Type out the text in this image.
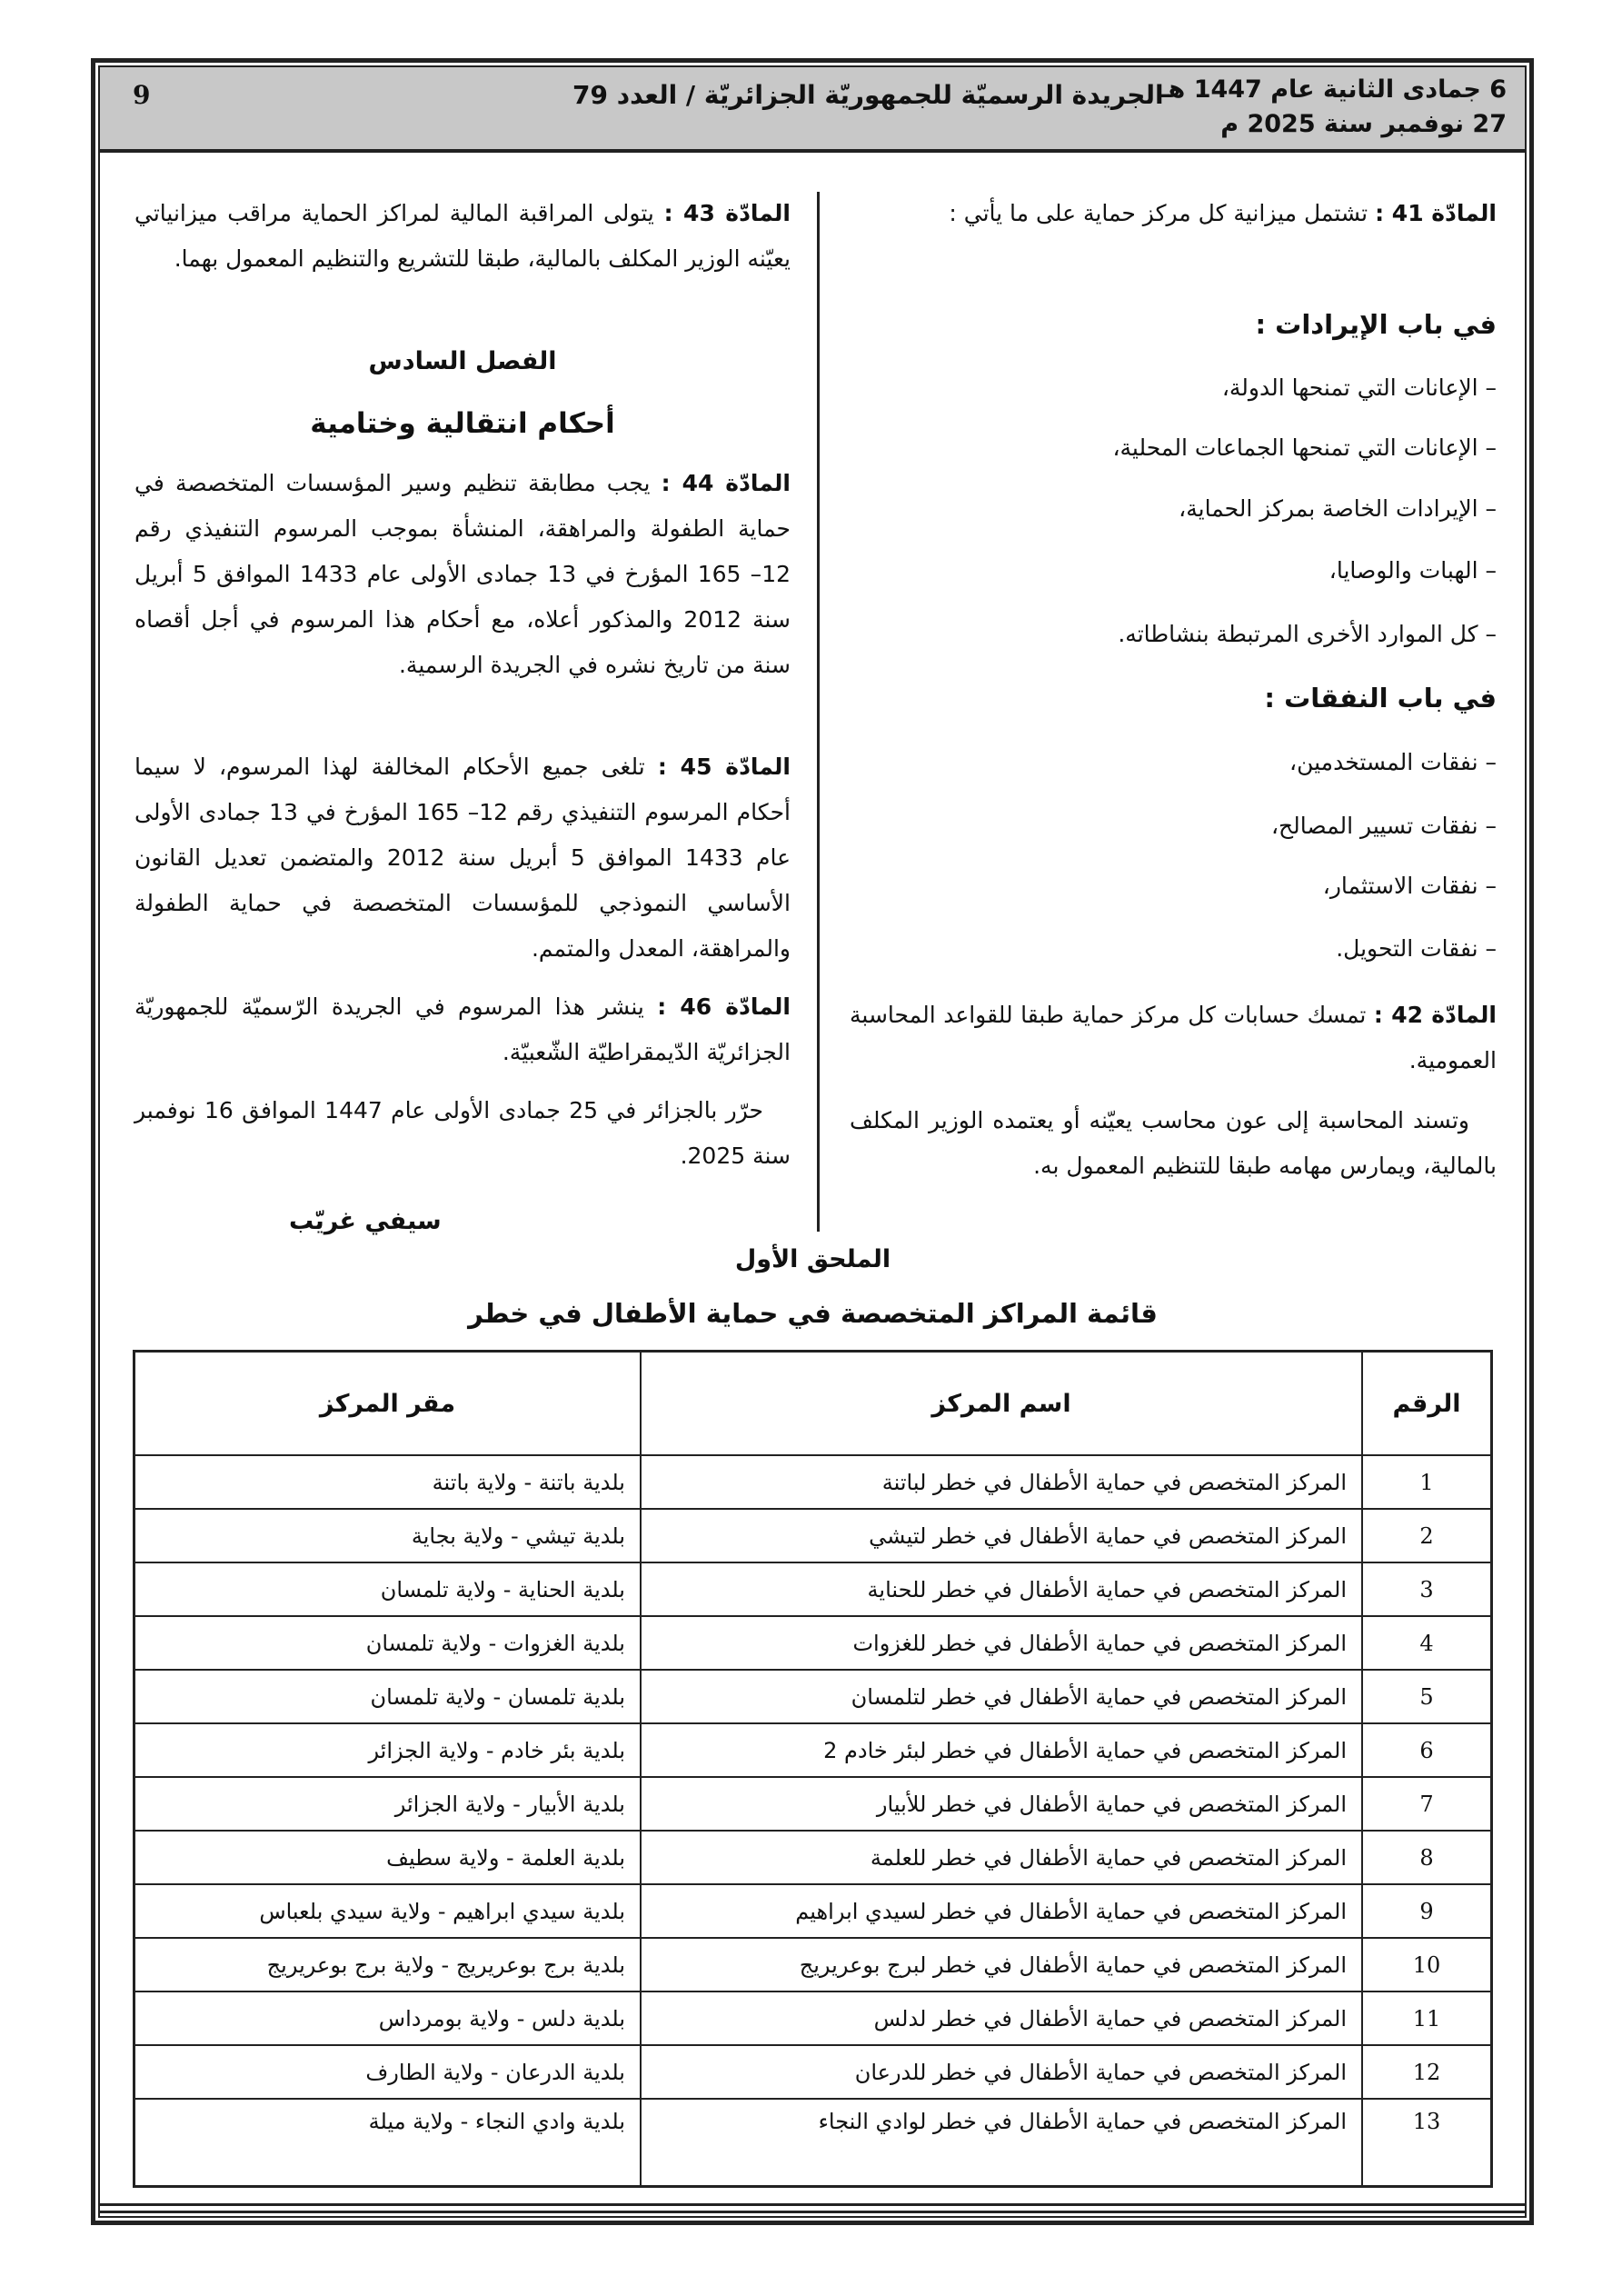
6 جمادى الثانية عام 1447 هـ
27 نوفمبر سنة 2025 م
الجريدة الرسميّة للجمهوريّة الجزائريّة / العدد 79
9
المادّة 41 : تشتمل ميزانية كل مركز حماية على ما يأتي :
في باب الإيرادات :
– الإعانات التي تمنحها الدولة،
– الإعانات التي تمنحها الجماعات المحلية،
– الإيرادات الخاصة بمركز الحماية،
– الهبات والوصايا،
– كل الموارد الأخرى المرتبطة بنشاطاته.
في باب النفقات :
– نفقات المستخدمين،
– نفقات تسيير المصالح،
– نفقات الاستثمار،
– نفقات التحويل.
المادّة 42 : تمسك حسابات كل مركز حماية طبقا للقواعد المحاسبة العمومية.
وتسند المحاسبة إلى عون محاسب يعيّنه أو يعتمده الوزير المكلف بالمالية، ويمارس مهامه طبقا للتنظيم المعمول به.
المادّة 43 : يتولى المراقبة المالية لمراكز الحماية مراقب ميزانياتي يعيّنه الوزير المكلف بالمالية، طبقا للتشريع والتنظيم المعمول بهما.
الفصل السادس
أحكام انتقالية وختامية
المادّة 44 : يجب مطابقة تنظيم وسير المؤسسات المتخصصة في حماية الطفولة والمراهقة، المنشأة بموجب المرسوم التنفيذي رقم 12– 165 المؤرخ في 13 جمادى الأولى عام 1433 الموافق 5 أبريل سنة 2012 والمذكور أعلاه، مع أحكام هذا المرسوم في أجل أقصاه سنة من تاريخ نشره في الجريدة الرسمية.
المادّة 45 : تلغى جميع الأحكام المخالفة لهذا المرسوم، لا سيما أحكام المرسوم التنفيذي رقم 12– 165 المؤرخ في 13 جمادى الأولى عام 1433 الموافق 5 أبريل سنة 2012 والمتضمن تعديل القانون الأساسي النموذجي للمؤسسات المتخصصة في حماية الطفولة والمراهقة، المعدل والمتمم.
المادّة 46 : ينشر هذا المرسوم في الجريدة الرّسميّة للجمهوريّة الجزائريّة الدّيمقراطيّة الشّعبيّة.
حرّر بالجزائر في 25 جمادى الأولى عام 1447 الموافق 16 نوفمبر سنة 2025.
سيفي غريّب
الملحق الأول
قائمة المراكز المتخصصة في حماية الأطفال في خطر
الرقم	اسم المركز	مقر المركز
1	المركز المتخصص في حماية الأطفال في خطر لباتنة	بلدية باتنة - ولاية باتنة
2	المركز المتخصص في حماية الأطفال في خطر لتيشي	بلدية تيشي - ولاية بجاية
3	المركز المتخصص في حماية الأطفال في خطر للحناية	بلدية الحناية - ولاية تلمسان
4	المركز المتخصص في حماية الأطفال في خطر للغزوات	بلدية الغزوات - ولاية تلمسان
5	المركز المتخصص في حماية الأطفال في خطر لتلمسان	بلدية تلمسان - ولاية تلمسان
6	المركز المتخصص في حماية الأطفال في خطر لبئر خادم 2	بلدية بئر خادم - ولاية الجزائر
7	المركز المتخصص في حماية الأطفال في خطر للأبيار	بلدية الأبيار - ولاية الجزائر
8	المركز المتخصص في حماية الأطفال في خطر للعلمة	بلدية العلمة - ولاية سطيف
9	المركز المتخصص في حماية الأطفال في خطر لسيدي ابراهيم	بلدية سيدي ابراهيم - ولاية سيدي بلعباس
10	المركز المتخصص في حماية الأطفال في خطر لبرج بوعريريج	بلدية برج بوعريريج - ولاية برج بوعريريج
11	المركز المتخصص في حماية الأطفال في خطر لدلس	بلدية دلس - ولاية بومرداس
12	المركز المتخصص في حماية الأطفال في خطر للدرعان	بلدية الدرعان - ولاية الطارف
13	المركز المتخصص في حماية الأطفال في خطر لوادي النجاء	بلدية وادي النجاء - ولاية ميلة
